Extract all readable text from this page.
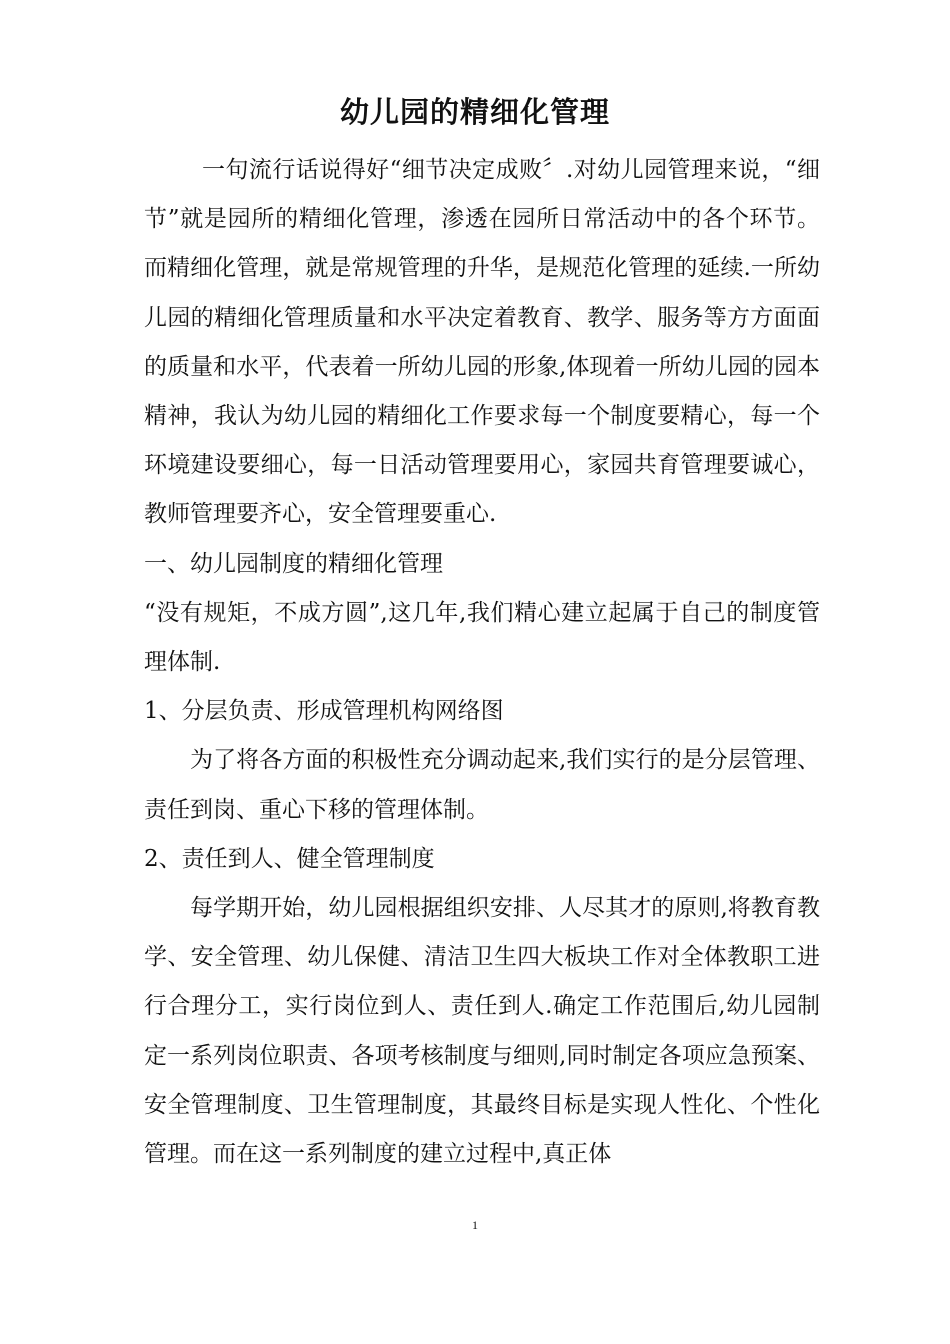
幼儿园的精细化管理

一句流行话说得好“细节决定成败〞.对幼儿园管理来说，“细节”就是园所的精细化管理，渗透在园所日常活动中的各个环节。而精细化管理，就是常规管理的升华，是规范化管理的延续.一所幼儿园的精细化管理质量和水平决定着教育、教学、服务等方方面面的质量和水平，代表着一所幼儿园的形象,体现着一所幼儿园的园本精神，我认为幼儿园的精细化工作要求每一个制度要精心，每一个环境建设要细心，每一日活动管理要用心，家园共育管理要诚心，教师管理要齐心，安全管理要重心.

一、幼儿园制度的精细化管理

“没有规矩，不成方圆”,这几年,我们精心建立起属于自己的制度管理体制.

1、分层负责、形成管理机构网络图

为了将各方面的积极性充分调动起来,我们实行的是分层管理、责任到岗、重心下移的管理体制。

2、责任到人、健全管理制度

每学期开始，幼儿园根据组织安排、人尽其才的原则,将教育教学、安全管理、幼儿保健、清洁卫生四大板块工作对全体教职工进行合理分工，实行岗位到人、责任到人.确定工作范围后,幼儿园制定一系列岗位职责、各项考核制度与细则,同时制定各项应急预案、安全管理制度、卫生管理制度，其最终目标是实现人性化、个性化管理。而在这一系列制度的建立过程中,真正体

1
